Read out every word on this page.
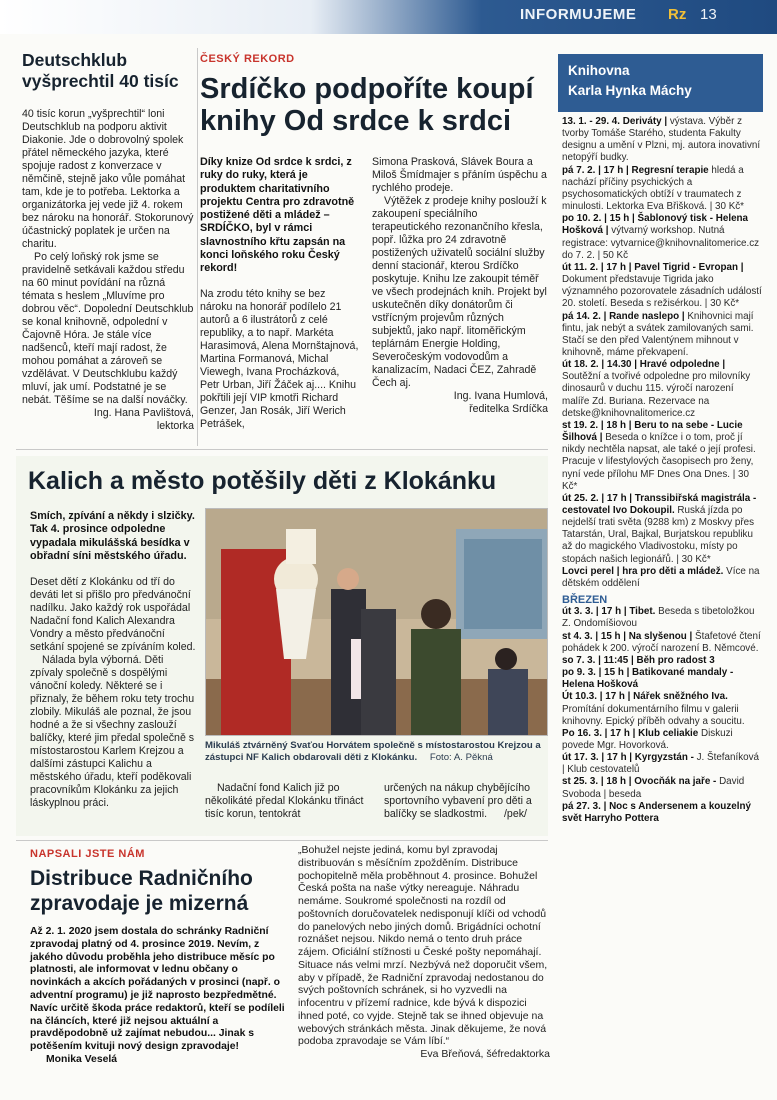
INFORMUJEME Rz 13
Deutschklub vyšprechtil 40 tisíc

40 tisíc korun „vyšprechtil“ loni Deutschklub na podporu aktivit Diakonie. Jde o dobrovolný spolek přátel německého jazyka, které spojuje radost z konverzace v němčině, stejně jako vůle pomáhat tam, kde je to potřeba. Lektorka a organizátorka jej vede již 4. rokem bez nároku na honorář. Stokorunový účastnický poplatek je určen na charitu.

Po celý loňský rok jsme se pravidelně setkávali každou středu na 60 minut povídání na různá témata s heslem „Mluvíme pro dobrou věc“. Dopolední Deutschklub se konal knihovně, odpolední v Čajovně Hóra. Je stále více nadšenců, kteří mají radost, že mohou pomáhat a zároveň se vzdělávat. V Deutschklubu každý mluví, jak umí. Podstatné je se nebát. Těšíme se na další nováčky.

Ing. Hana Pavlištová, lektorka

ČESKÝ REKORD
Srdíčko podpoříte koupí knihy Od srdce k srdci
Díky knize Od srdce k srdci, z ruky do ruky, která je produktem charitativního projektu Centra pro zdravotně postižené děti a mládež – SRDÍČKO, byl v rámci slavnostního křtu zapsán na konci loňského roku Český rekord!
Na zrodu této knihy se bez nároku na honorář podílelo 21 autorů a 6 ilustrátorů z celé republiky, a to např. Markéta Harasimová, Alena Mornštajnová, Martina Formanová, Michal Viewegh, Ivana Procházková, Petr Urban, Jiří Žáček aj.... Knihu pokřtili její VIP kmotři Richard Genzer, Jan Rosák, Jiří Werich Petrášek,

Simona Prasková, Slávek Boura a Miloš Šmídmajer s přáním úspěchu a rychlého prodeje.

Výtěžek z prodeje knihy poslouží k zakoupení speciálního terapeutického rezonančního křesla, popř. lůžka pro 24 zdravotně postižených uživatelů sociální služby denní stacionář, kterou Srdíčko poskytuje. Knihu lze zakoupit téměř ve všech prodejnách knih. Projekt byl uskutečněn díky donátorům či vstřícným projevům různých subjektů, jako např. litoměřickým teplárnám Energie Holding, Severočeským vodovodům a kanalizacím, Nadaci ČEZ, Zahradě Čech aj.

Ing. Ivana Humlová, ředitelka Srdíčka

Kalich a město potěšily děti z Klokánku
Smích, zpívání a někdy i slzičky. Tak 4. prosince odpoledne vypadala mikulášská besídka v obřadní síni městského úřadu.

Deset dětí z Klokánku od tří do deváti let si přišlo pro předvánoční nadílku. Jako každý rok uspořádal Nadační fond Kalich Alexandra Vondry a město předvánoční setkání spojené se zpíváním koled.

Nálada byla výborná. Děti zpívaly společně s dospělými vánoční koledy. Některé se i přiznaly, že během roku tety trochu zlobily. Mikuláš ale poznal, že jsou hodné a že si všechny zaslouží balíčky, které jim předal společně s místostarostou Karlem Krejzou a dalšími zástupci Kalichu a městského úřadu, kteří poděkovali pracovníkům Klokánku za jejich láskyplnou práci.

Mikuláš ztvárněný Svaťou Horvátem společně s místostarostou Krejzou a zástupci NF Kalich obdarovali děti z Klokánku. Foto: A. Pěkná
Nadační fond Kalich již po několikáté předal Klokánku třináct tisíc korun, tentokrát
určených na nákup chybějícího sportovního vybavení pro děti a balíčky se sladkostmi. /pek/
NAPSALI JSTE NÁM
Distribuce Radničního zpravodaje je mizerná
Až 2. 1. 2020 jsem dostala do schránky Radniční zpravodaj platný od 4. prosince 2019. Nevím, z jakého důvodu proběhla jeho distribuce měsíc po platnosti, ale informovat v lednu občany o novinkách a akcích pořádaných v prosinci (např. o adventní programu) je již naprosto bezpředmětné. Navíc určitě škoda práce redaktorů, kteří se podíleli na článcích, které již nejsou aktuální a pravděpodobně už zajímat nebudou... Jinak s potěšením kvituji nový design zpravodaje! Monika Veselá

„Bohužel nejste jediná, komu byl zpravodaj distribuován s měsíčním zpožděním. Distribuce pochopitelně měla proběhnout 4. prosince. Bohužel Česká pošta na naše výtky nereaguje. Náhradu nemáme. Soukromé společnosti na rozdíl od poštovních doručovatelek nedisponují klíči od vchodů do panelových nebo jiných domů. Brigádníci ochotní roznášet nejsou. Nikdo nemá o tento druh práce zájem. Oficiální stížnosti u České pošty nepomáhají. Situace nás velmi mrzí. Nezbývá než doporučit všem, aby v případě, že Radniční zpravodaj nedostanou do svých poštovních schránek, si ho vyzvedli na infocentru v přízemí radnice, kde bývá k dispozici ihned poté, co vyjde. Stejně tak se ihned objevuje na webových stránkách města. Jinak děkujeme, že nová podoba zpravodaje se Vám líbí.“

Eva Břeňová, šéfredaktorka

Knihovna
Karla Hynka Máchy

13. 1. - 29. 4. Deriváty | výstava. Výběr z tvorby Tomáše Starého, studenta Fakulty designu a umění v Plzni, mj. autora inovativní netopýří budky.

pá 7. 2. | 17 h | Regresní terapie hledá a nachází příčiny psychických a psychosomatických obtíží v traumatech z minulosti. Lektorka Eva Břišková. | 30 Kč*

po 10. 2. | 15 h | Šablonový tisk - Helena Hošková | výtvarný workshop. Nutná registrace: vytvarnice@knihovnalitomerice.cz do 7. 2. | 50 Kč

út 11. 2. | 17 h | Pavel Tigrid - Evropan | Dokument představuje Tigrida jako významného pozorovatele zásadních událostí 20. století. Beseda s režisérkou. | 30 Kč*

pá 14. 2. | Rande naslepo | Knihovnici mají fintu, jak nebýt a svátek zamilovaných sami. Stačí se den před Valentýnem mihnout v knihovně, máme překvapení.

út 18. 2. | 14.30 | Hravé odpoledne | Soutěžní a tvořivé odpoledne pro milovníky dinosaurů v duchu 115. výročí narození malíře Zd. Buriana. Rezervace na detske@knihovnalitomerice.cz

st 19. 2. | 18 h | Beru to na sebe - Lucie Šilhová | Beseda o knížce i o tom, proč jí nikdy nechtěla napsat, ale také o její profesi. Pracuje v lifestylových časopisech pro ženy, nyní vede přílohu MF Dnes Ona Dnes. | 30 Kč*

út 25. 2. | 17 h | Transsibiřská magistrála - cestovatel Ivo Dokoupil. Ruská jízda po nejdelší trati světa (9288 km) z Moskvy přes Tatarstán, Ural, Bajkal, Burjatskou republiku až do magického Vladivostoku, místy po stopách našich legionářů. | 30 Kč*

Lovci perel | hra pro děti a mládež. Více na dětském oddělení

BŘEZEN

út 3. 3. | 17 h | Tibet. Beseda s tibetoložkou Z. Ondomíšiovou

st 4. 3. | 15 h | Na slyšenou | Štafetové čtení pohádek k 200. výročí narození B. Němcové.

so 7. 3. | 11:45 | Běh pro radost 3

po 9. 3. | 15 h | Batikované mandaly - Helena Hošková

Út 10.3. | 17 h | Nářek sněžného Iva. Promítání dokumentárního filmu v galerii knihovny. Epický příběh odvahy a soucitu.

Po 16. 3. | 17 h | Klub celiakie Diskuzi povede Mgr. Hovorková.

út 17. 3. | 17 h | Kyrgyzstán - J. Štefaníková | Klub cestovatelů

st 25. 3. | 18 h | Ovocňák na jaře - David Svoboda | beseda

pá 27. 3. | Noc s Andersenem a kouzelný svět Harryho Pottera
